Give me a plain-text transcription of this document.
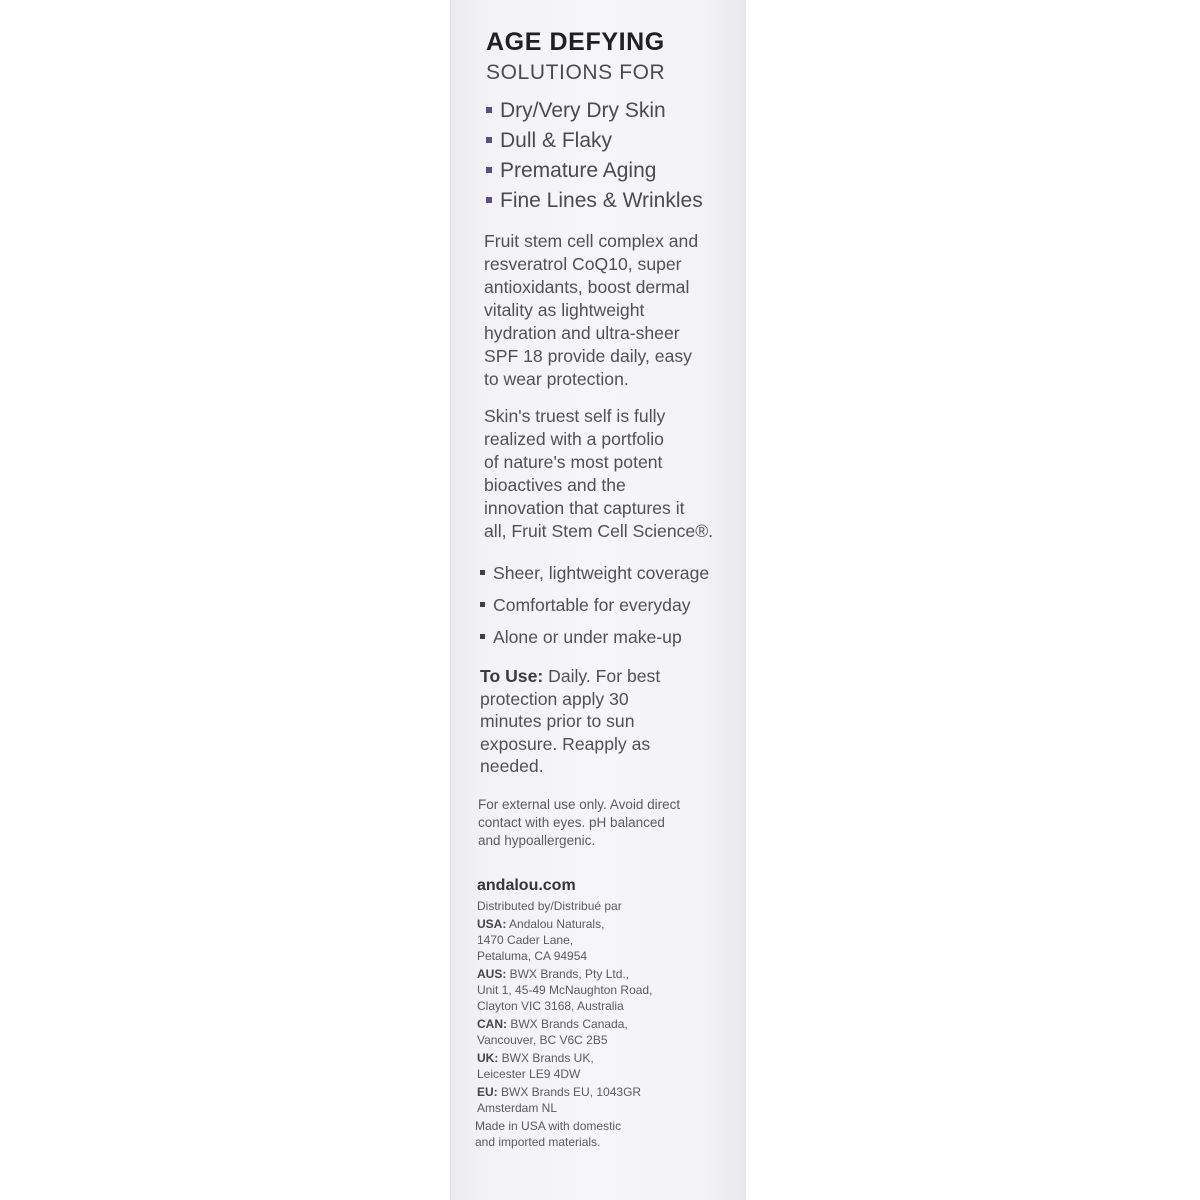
AGE DEFYING
SOLUTIONS FOR
Dry/Very Dry Skin
Dull & Flaky
Premature Aging
Fine Lines & Wrinkles
Fruit stem cell complex and
resveratrol CoQ10, super
antioxidants, boost dermal
vitality as lightweight
hydration and ultra-sheer
SPF 18 provide daily, easy
to wear protection.
Skin's truest self is fully
realized with a portfolio
of nature's most potent
bioactives and the
innovation that captures it
all, Fruit Stem Cell Science®.
Sheer, lightweight coverage
Comfortable for everyday
Alone or under make-up
To Use: Daily. For best
protection apply 30
minutes prior to sun
exposure. Reapply as
needed.
For external use only. Avoid direct
contact with eyes. pH balanced
and hypoallergenic.
andalou.com
Distributed by/Distribué par
USA: Andalou Naturals,
1470 Cader Lane,
Petaluma, CA 94954
AUS: BWX Brands, Pty Ltd.,
Unit 1, 45-49 McNaughton Road,
Clayton VIC 3168, Australia
CAN: BWX Brands Canada,
Vancouver, BC V6C 2B5
UK: BWX Brands UK,
Leicester LE9 4DW
EU: BWX Brands EU, 1043GR
Amsterdam NL
Made in USA with domestic
and imported materials.
